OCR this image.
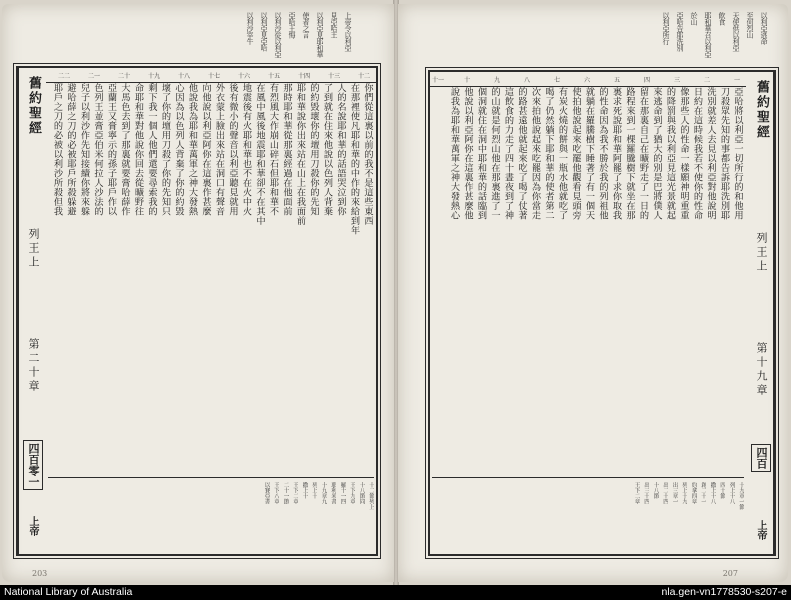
上帝令以利亞
見亞哈王
以利亞見耶和華
使者之言
亞哈王悔
以利沙從以利亞
以利亞見亞哈
以利沙宰牛
舊約聖經
列王上
第二十章
四百零一
上帝
十二
十三
十四
十五
十六
十七
十八
十九
二十
二一
二二
你們從這裏以前的我不是這些東西
在那裡使凡耶和華的中作的來給到年
人的名說耶和華的話語哭泣到你
了到就在住來他說以色列人背棄
的約毀壞你的壇用刀殺你的先知
耶和華說你出來站在山上在我面前
那時耶和華從那裏經過在他面前
有烈風大作崩山碎石但耶和華不
在風中風後地震耶和華卻不在其中
地震後有火耶和華也不在火中火
後有微小的聲音以利亞聽見就用
外衣蒙上臉出來站在洞口有聲音
向他說以利亞阿你在這裏作甚麼
他說我為耶和華萬軍之神大發熱
心因為以色列人背棄了你的約毀
壞了你的壇用刀殺了你的先知只
剩下我一個人他們還要尋索我的
命耶和華對他說你回去從曠野往
大馬色去到了那裏就要膏哈薛作
亞蘭王又膏寧示的孫子耶戶作以
色列王並膏亞伯米何拉人沙法的
兒子以利沙作先知接續你將來躲
避哈薛之刀的必被耶戶所殺躲避
耶戶之刀的必被以利沙所殺但我
十二節列上
十八節同
王下九章
羅十一四
耶利米書
十九章九
列上十
撒上十
王下二章
二十一節
王下八章
以賽亞書
203
以利亞逃命
至何烈山
天使供以利亞
飲食
耶和華召以利亞
於山
亞哈告耶洗別
以利亞所行
舊約聖經
列王上
第十九章
四百
上帝
一
二
三
四
五
六
七
八
九
十
十一
亞哈將以利亞一切所行的和他用
刀殺眾先知的事都告訴耶洗別耶
洗別就差人去見以利亞對他說明
日約在這時候我若不使你的性命
像那些人的性命一樣願神明重重
的降罰與我以利亞見這光景就起
來逃命到了猶大的別是巴將僕人
留在那裏自己在曠野走了一日的
路程來到一棵羅騰樹下就坐在那
裏求死說耶和華阿罷了求你取我
的性命因為我不勝於我的列祖他
就躺在羅騰樹下睡著了有一個天
使拍他說起來吃罷他觀看見頭旁
有炭火燒的餅與一瓶水他就吃了
喝了仍然躺下耶和華的使者第二
次來拍他說起來吃罷因為你當走
的路甚遠他就起來吃了喝了仗著
這飲食的力走了四十晝夜到了神
的山就是何烈山他在那裏進了一
個洞就住在洞中耶和華的話臨到
他說以利亞阿你在這裏作甚麼他
說我為耶和華萬軍之神大發熱心
十九章一節
列上十八
四十節
撒上十八
創二十一
約拿四章
列上十九
出三章一
出二十四
十八節
出三十四
王下二章
207
National Library of Australia	nla.gen-vn1778530-s207-e
